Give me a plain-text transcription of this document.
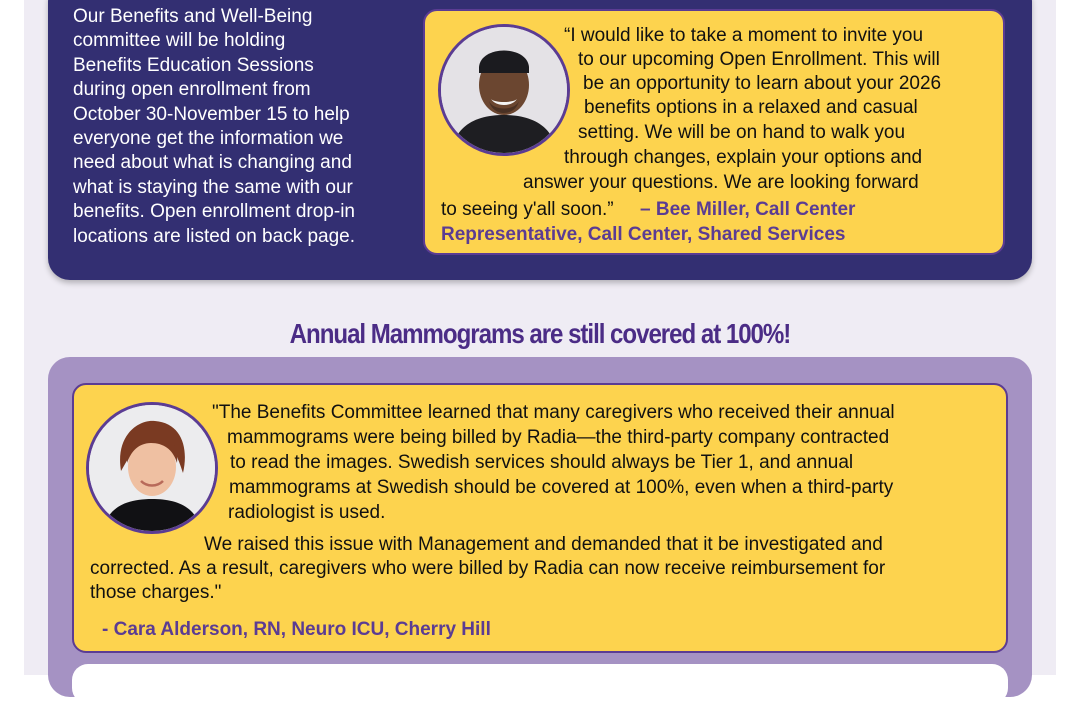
Our Benefits and Well-Being
committee will be holding
Benefits Education Sessions
during open enrollment from
October 30-November 15 to help
everyone get the information we
need about what is changing and
what is staying the same with our
benefits. Open enrollment drop-in
locations are listed on back page.

“I would like to take a moment to invite you

to our upcoming Open Enrollment. This will

be an opportunity to learn about your 2026

benefits options in a relaxed and casual

setting. We will be on hand to walk you

through changes, explain your options and

answer your questions. We are looking forward

to seeing y'all soon.” – Bee Miller, Call Center

Representative, Call Center, Shared Services

Annual Mammograms are still covered at 100%!

"The Benefits Committee learned that many caregivers who received their annual

mammograms were being billed by Radia—the third-party company contracted

to read the images. Swedish services should always be Tier 1, and annual

mammograms at Swedish should be covered at 100%, even when a third-party

radiologist is used.

We raised this issue with Management and demanded that it be investigated and

corrected. As a result, caregivers who were billed by Radia can now receive reimbursement for

those charges."

- Cara Alderson, RN, Neuro ICU, Cherry Hill
